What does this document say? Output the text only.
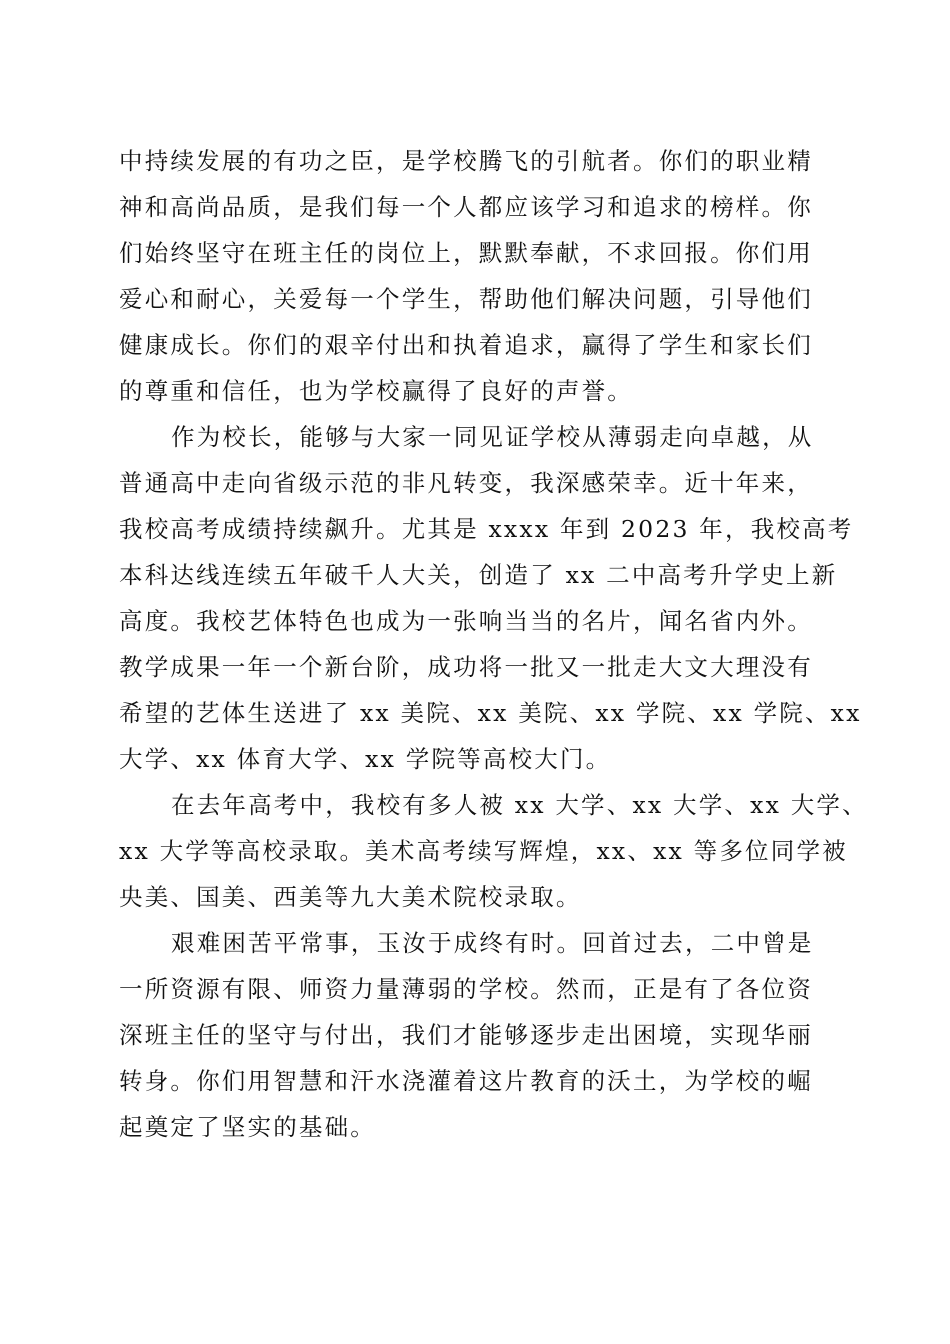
中持续发展的有功之臣，是学校腾飞的引航者。你们的职业精
神和高尚品质，是我们每一个人都应该学习和追求的榜样。你
们始终坚守在班主任的岗位上，默默奉献，不求回报。你们用
爱心和耐心，关爱每一个学生，帮助他们解决问题，引导他们
健康成长。你们的艰辛付出和执着追求，赢得了学生和家长们
的尊重和信任，也为学校赢得了良好的声誉。
作为校长，能够与大家一同见证学校从薄弱走向卓越，从
普通高中走向省级示范的非凡转变，我深感荣幸。近十年来，
我校高考成绩持续飙升。尤其是 xxxx 年到 2023 年，我校高考
本科达线连续五年破千人大关，创造了 xx 二中高考升学史上新
高度。我校艺体特色也成为一张响当当的名片，闻名省内外。
教学成果一年一个新台阶，成功将一批又一批走大文大理没有
希望的艺体生送进了 xx 美院、xx 美院、xx 学院、xx 学院、xx
大学、xx 体育大学、xx 学院等高校大门。
在去年高考中，我校有多人被 xx 大学、xx 大学、xx 大学、
xx 大学等高校录取。美术高考续写辉煌，xx、xx 等多位同学被
央美、国美、西美等九大美术院校录取。
艰难困苦平常事，玉汝于成终有时。回首过去，二中曾是
一所资源有限、师资力量薄弱的学校。然而，正是有了各位资
深班主任的坚守与付出，我们才能够逐步走出困境，实现华丽
转身。你们用智慧和汗水浇灌着这片教育的沃土，为学校的崛
起奠定了坚实的基础。
